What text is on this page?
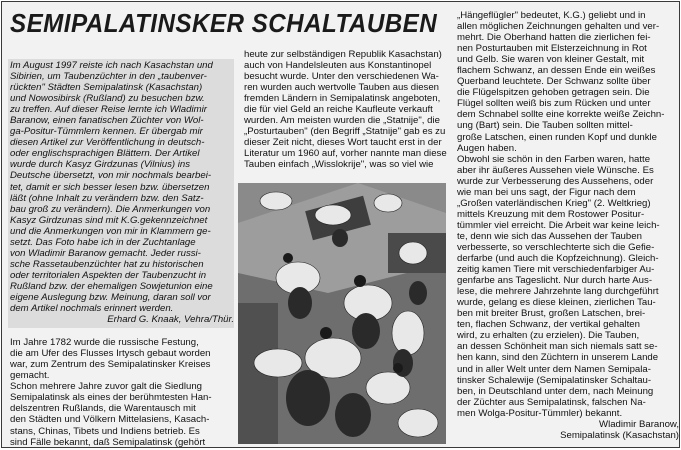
SEMIPALATINSKER SCHALTAUBEN

Im August 1997 reiste ich nach Kasachstan und

Sibirien, um Taubenzüchter in den „taubenver-

rückten" Städten Semipalatinsk (Kasachstan)

und Nowosibirsk (Rußland) zu besuchen bzw.

zu treffen. Auf dieser Reise lernte ich Wladimir

Baranow, einen fanatischen Züchter von Wol-

ga-Positur-Tümmlern kennen. Er übergab mir

diesen Artikel zur Veröffentlichung in deutsch-

oder englischsprachigen Blättern. Der Artikel

wurde durch Kasyz Girdzunas (Vilnius) ins

Deutsche übersetzt, von mir nochmals bearbei-

tet, damit er sich besser lesen bzw. übersetzen

läßt (ohne Inhalt zu verändern bzw. den Satz-

bau groß zu verändern). Die Anmerkungen von

Kasyz Girdzunas sind mit K.G.gekennzeichnet

und die Anmerkungen von mir in Klammern ge-

setzt. Das Foto habe ich in der Zuchtanlage

von Wladimir Baranow gemacht. Jeder russi-

sche Rassetaubenzüchter hat zu historischen

oder territorialen Aspekten der Taubenzucht in

Rußland bzw. der ehemaligen Sowjetunion eine

eigene Auslegung bzw. Meinung, daran soll vor

dem Artikel nochmals erinnert werden.

Erhard G. Knaak, Vehra/Thür.

Im Jahre 1782 wurde die russische Festung,

die am Ufer des Flusses Irtysch gebaut worden

war, zum Zentrum des Semipalatinsker Kreises

gemacht.

Schon mehrere Jahre zuvor galt die Siedlung

Semipalatinsk als eines der berühmtesten Han-

delszentren Rußlands, die Warentausch mit

den Städten und Völkern Mittelasiens, Kasach-

stans, Chinas, Tibets und Indiens betrieb. Es

sind Fälle bekannt, daß Semipalatinsk (gehört

heute zur selbständigen Republik Kasachstan)

auch von Handelsleuten aus Konstantinopel

besucht wurde. Unter den verschiedenen Wa-

ren wurden auch wertvolle Tauben aus diesen

fremden Ländern in Semipalatinsk angeboten,

die für viel Geld an reiche Kaufleute verkauft

wurden. Am meisten wurden die „Statnije", die

„Posturtauben" (den Begriff „Statnije" gab es zu

dieser Zeit nicht, dieses Wort taucht erst in der

Literatur um 1960 auf, vorher nannte man diese

Tauben einfach „Wisslokrije", was so viel wie

„Hängeflügler" bedeutet, K.G.) geliebt und in

allen möglichen Zeichnungen gehalten und ver-

mehrt. Die Oberhand hatten die zierlichen fei-

nen Posturtauben mit Elsterzeichnung in Rot

und Gelb. Sie waren von kleiner Gestalt, mit

flachem Schwanz, an dessen Ende ein weißes

Querband leuchtete. Der Schwanz sollte über

die Flügelspitzen gehoben getragen sein. Die

Flügel sollten weiß bis zum Rücken und unter

dem Schnabel sollte eine korrekte weiße Zeichn-

ung (Bart) sein. Die Tauben sollten mittel-

große Latschen, einen runden Kopf und dunkle

Augen haben.

Obwohl sie schön in den Farben waren, hatte

aber ihr äußeres Aussehen viele Wünsche. Es

wurde zur Verbesserung des Aussehens, oder

wie man bei uns sagt, der Figur nach dem

„Großen vaterländischen Krieg" (2. Weltkrieg)

mittels Kreuzung mit dem Rostower Positur-

tümmler viel erreicht. Die Arbeit war keine leich-

te, denn wie sich das Aussehen der Tauben

verbesserte, so verschlechterte sich die Gefie-

derfarbe (und auch die Kopfzeichnung). Gleich-

zeitig kamen Tiere mit verschiedenfarbiger Au-

genfarbe ans Tageslicht. Nur durch harte Aus-

lese, die mehrere Jahrzehnte lang durchgeführt

wurde, gelang es diese kleinen, zierlichen Tau-

ben mit breiter Brust, großen Latschen, brei-

ten, flachen Schwanz, der vertikal gehalten

wird, zu erhalten (zu erzielen). Die Tauben,

an dessen Schönheit man sich niemals satt se-

hen kann, sind den Züchtern in unserem Lande

und in aller Welt unter dem Namen Semipala-

tinsker Schalewije (Semipalatinsker Schaltau-

ben, in Deutschland unter dem, nach Meinung

der Züchter aus Semipalatinsk, falschen Na-

men Wolga-Positur-Tümmler) bekannt.

Wladimir Baranow,

Semipalatinsk (Kasachstan)
